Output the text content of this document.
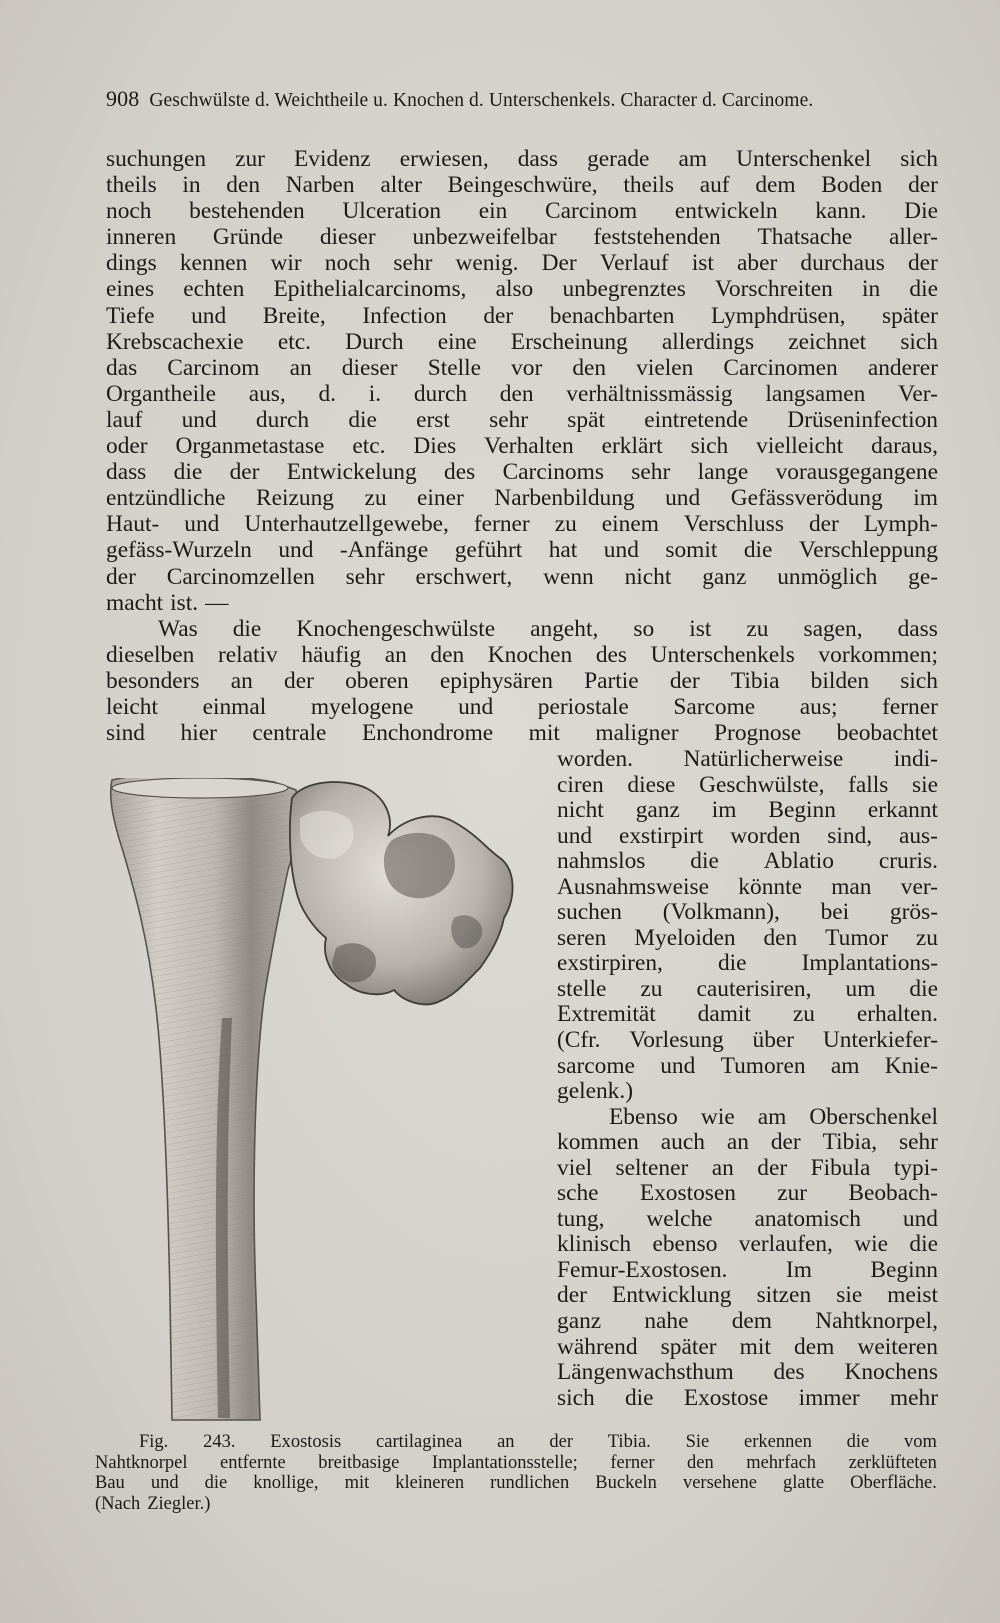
908 Geschwülste d. Weichtheile u. Knochen d. Unterschenkels. Character d. Carcinome.
suchungen zur Evidenz erwiesen, dass gerade am Unterschenkel sich
theils in den Narben alter Beingeschwüre, theils auf dem Boden der
noch bestehenden Ulceration ein Carcinom entwickeln kann. Die
inneren Gründe dieser unbezweifelbar feststehenden Thatsache aller-
dings kennen wir noch sehr wenig. Der Verlauf ist aber durchaus der
eines echten Epithelialcarcinoms, also unbegrenztes Vorschreiten in die
Tiefe und Breite, Infection der benachbarten Lymphdrüsen, später
Krebscachexie etc. Durch eine Erscheinung allerdings zeichnet sich
das Carcinom an dieser Stelle vor den vielen Carcinomen anderer
Organtheile aus, d. i. durch den verhältnissmässig langsamen Ver-
lauf und durch die erst sehr spät eintretende Drüseninfection
oder Organmetastase etc. Dies Verhalten erklärt sich vielleicht daraus,
dass die der Entwickelung des Carcinoms sehr lange vorausgegangene
entzündliche Reizung zu einer Narbenbildung und Gefässverödung im
Haut- und Unterhautzellgewebe, ferner zu einem Verschluss der Lymph-
gefäss-Wurzeln und -Anfänge geführt hat und somit die Verschleppung
der Carcinomzellen sehr erschwert, wenn nicht ganz unmöglich ge-
macht ist. —
Was die Knochengeschwülste angeht, so ist zu sagen, dass
dieselben relativ häufig an den Knochen des Unterschenkels vorkommen;
besonders an der oberen epiphysären Partie der Tibia bilden sich
leicht einmal myelogene und periostale Sarcome aus; ferner
sind hier centrale Enchondrome mit maligner Prognose beobachtet
worden. Natürlicherweise indi-
ciren diese Geschwülste, falls sie
nicht ganz im Beginn erkannt
und exstirpirt worden sind, aus-
nahmslos die Ablatio cruris.
Ausnahmsweise könnte man ver-
suchen (Volkmann), bei grös-
seren Myeloiden den Tumor zu
exstirpiren, die Implantations-
stelle zu cauterisiren, um die
Extremität damit zu erhalten.
(Cfr. Vorlesung über Unterkiefer-
sarcome und Tumoren am Knie-
gelenk.)
Ebenso wie am Oberschenkel
kommen auch an der Tibia, sehr
viel seltener an der Fibula typi-
sche Exostosen zur Beobach-
tung, welche anatomisch und
klinisch ebenso verlaufen, wie die
Femur-Exostosen.	Im	Beginn
der Entwicklung sitzen sie meist
ganz nahe dem Nahtknorpel,
während später mit dem weiteren
Längenwachsthum des Knochens
sich die Exostose immer mehr
Fig. 243. Exostosis cartilaginea an der Tibia. Sie erkennen die vom
Nahtknorpel entfernte breitbasige Implantationsstelle; ferner den mehrfach zerklüfteten
Bau und die knollige, mit kleineren rundlichen Buckeln versehene glatte Oberfläche.
(Nach Ziegler.)
